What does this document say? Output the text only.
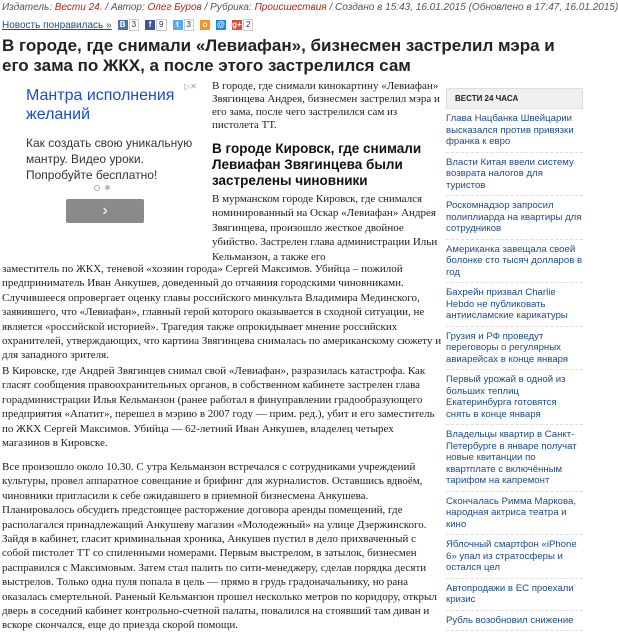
Издатель: Вести 24. / Автор: Олег Буров / Рубрика: Происшествия / Создано в 15:43, 16.01.2015 (Обновлено в 17:47, 16.01.2015)
Новость понравилась » В 3	f 9	t 3	о	@ g+ 2
В городе, где снимали «Левиафан», бизнесмен застрелил мэра и его зама по ЖКХ, а после этого застрелился сам
Мантра исполнения желаний
▷✕
Как создать свою уникальную мантру. Видео уроки. Попробуйте бесплатно!
›
В городе, где снимали кинокартину «Левиафан» Звягинцева Андрея, бизнесмен застрелил мэра и его зама, после чего застрелился сам из пистолета ТТ.
В городе Кировск, где снимали Левиафан Звягинцева были застрелены чиновники
В мурманском городе Кировск, где снимался номинированный на Оскар «Левиафан» Андрея Звягинцева, произошло жесткое двойное убийство. Застрелен глава администрации Ильи Кельманзон, а также его

заместитель по ЖКХ, теневой «хозяин города» Сергей Максимов. Убийца – пожилой предприниматель Иван Анкушев, доведенный до отчаяния городскими чиновниками. Случившееся опровергает оценку главы российского минкульта Владимира Мединского, заявившего, что «Левиафан», главный герой которого оказывается в сходной ситуации, не является «российской историей». Трагедия также опрокидывает мнение российских охранителей, утверждающих, что картина Звягинцева снималась по американскому сюжету и для западного зрителя.

В Кировске, где Андрей Звягинцев снимал свой «Левиафан», разразилась катастрофа. Как гласят сообщения правоохранительных органов, в собственном кабинете застрелен глава горадминистрации Илья Кельманзон (ранее работал в финуправлении градообразующего предприятия «Апатит», перешел в мэрию в 2007 году — прим. ред.), убит и его заместитель по ЖКХ Сергей Максимов. Убийца — 62-летний Иван Анкушев, владелец четырех магазинов в Кировске.

Все произошло около 10.30. С утра Кельманзон встречался с сотрудниками учреждений культуры, провел аппаратное совещание и брифинг для журналистов. Оставшись вдвоём, чиновники пригласили к себе ожидавшего в приемной бизнесмена Анкушева. Планировалось обсудить предстоящее расторжение договора аренды помещений, где располагался принадлежащий Анкушеву магазин «Молодежный» на улице Дзержинского.

Зайдя в кабинет, гласит криминальная хроника, Анкушев пустил в дело прихваченный с собой пистолет ТТ со спиленными номерами. Первым выстрелом, в затылок, бизнесмен расправился с Максимовым. Затем стал палить по сити-менеджеру, сделав порядка десяти выстрелов. Только одна пуля попала в цель — прямо в грудь градоначальнику, но рана оказалась смертельной. Раненый Кельманзон прошел несколько метров по коридору, открыл дверь в соседний кабинет контрольно-счетной палаты, повалился на стоявший там диван и вскоре скончался, еще до приезда скорой помощи.

ВЕСТИ 24 ЧАСА
Глава Нацбанка Швейцарии высказался против привязки франка к евро
Власти Китая ввели систему возврата налогов для туристов
Роскомнадзор запросил полиплиарда на квартиры для сотрудников
Американка завещала своей болонке сто тысяч долларов в год
Бахрейн призвал Charlie Hebdo не публиковать антиисламские карикатуры
Грузия и РФ проведут переговоры о регулярных авиарейсах в конце января
Первый урожай в одной из больших теплиц Екатеринбурга готовятся снять в конце января
Владельцы квартир в Санкт-Петербурге в январе получат новые квитанции по квартплате с включённым тарифом на капремонт
Скончалась Римма Маркова, народная актриса театра и кино
Яблочный смартфон «iPhone 6» упал из стратосферы и остался цел
Автопродажи в ЕС проехали кризис
Рубль возобновил снижение
